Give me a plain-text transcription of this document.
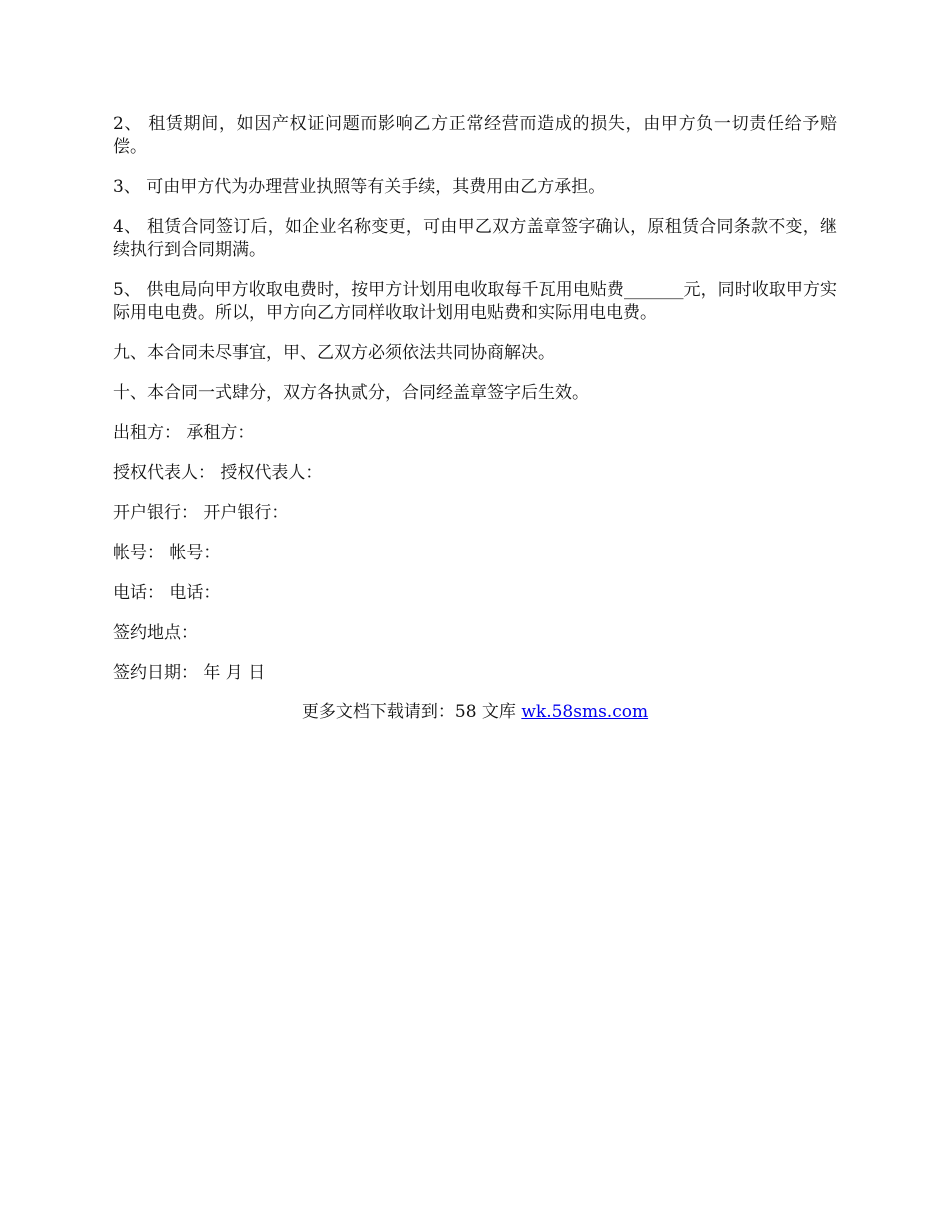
2、 租赁期间，如因产权证问题而影响乙方正常经营而造成的损失，由甲方负一切责任给予赔偿。

3、 可由甲方代为办理营业执照等有关手续，其费用由乙方承担。

4、 租赁合同签订后，如企业名称变更，可由甲乙双方盖章签字确认，原租赁合同条款不变，继续执行到合同期满。

5、 供电局向甲方收取电费时，按甲方计划用电收取每千瓦用电贴费_______元，同时收取甲方实际用电电费。所以，甲方向乙方同样收取计划用电贴费和实际用电电费。

九、本合同未尽事宜，甲、乙双方必须依法共同协商解决。

十、本合同一式肆分，双方各执贰分，合同经盖章签字后生效。

出租方： 承租方：

授权代表人： 授权代表人：

开户银行： 开户银行：

帐号： 帐号：

电话： 电话：

签约地点：

签约日期： 年 月 日

更多文档下载请到：58 文库 wk.58sms.com
